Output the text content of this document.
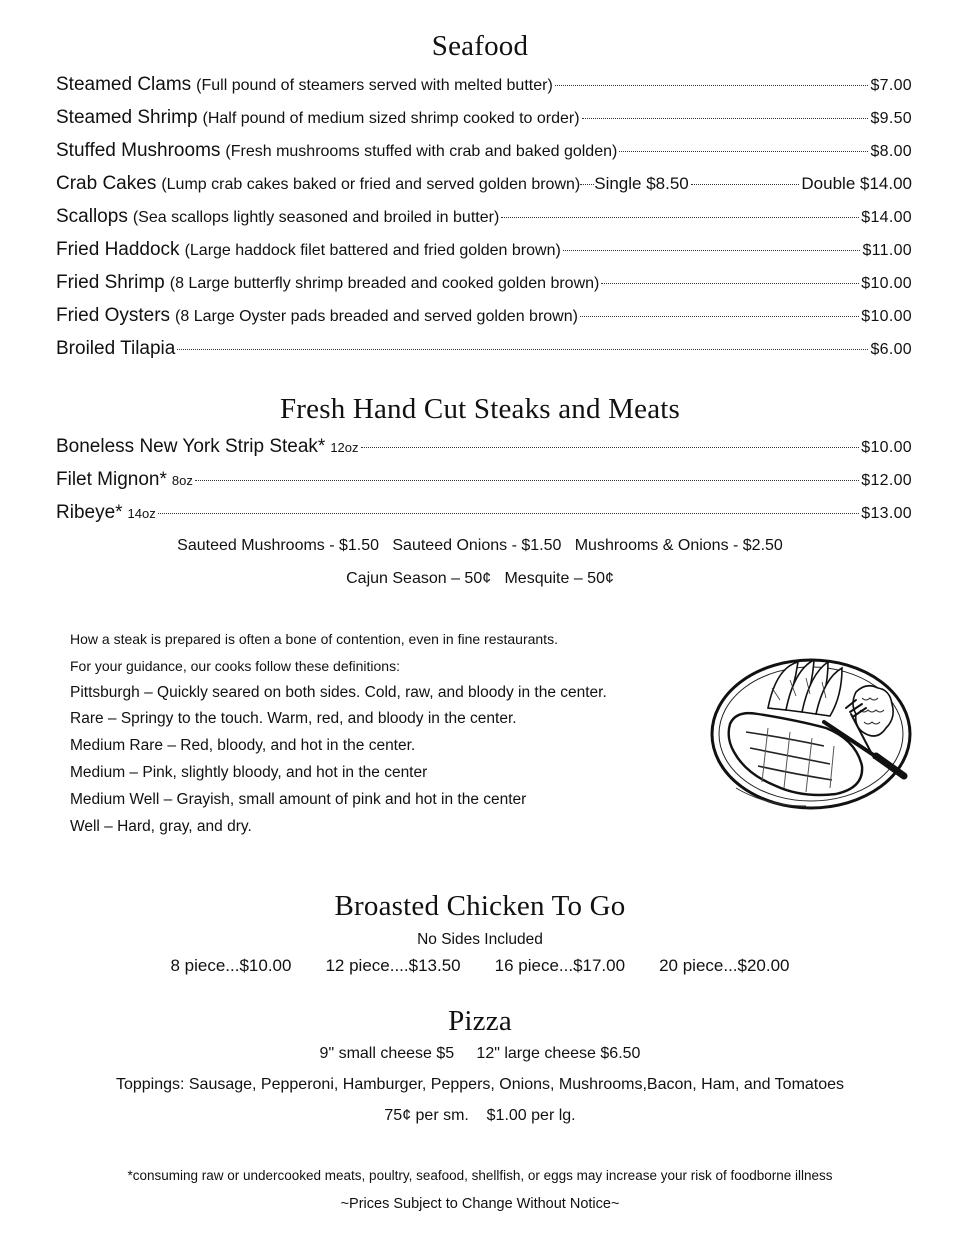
Seafood
Steamed Clams (Full pound of steamers served with melted butter)	$7.00
Steamed Shrimp (Half pound of medium sized shrimp cooked to order)	$9.50
Stuffed Mushrooms (Fresh mushrooms stuffed with crab and baked golden)	$8.00
Crab Cakes (Lump crab cakes baked or fried and served golden brown) Single $8.50	Double $14.00
Scallops (Sea scallops lightly seasoned and broiled in butter)	$14.00
Fried Haddock (Large haddock filet battered and fried golden brown)	$11.00
Fried Shrimp (8 Large butterfly shrimp breaded and cooked golden brown)	$10.00
Fried Oysters (8 Large Oyster pads breaded and served golden brown)	$10.00
Broiled Tilapia	$6.00
Fresh Hand Cut Steaks and Meats
Boneless New York Strip Steak* 12oz	$10.00
Filet Mignon* 8oz	$12.00
Ribeye* 14oz	$13.00
Sauteed Mushrooms - $1.50   Sauteed Onions - $1.50   Mushrooms & Onions - $2.50
Cajun Season – 50¢   Mesquite – 50¢
How a steak is prepared is often a bone of contention, even in fine restaurants.
For your guidance, our cooks follow these definitions:
Pittsburgh – Quickly seared on both sides. Cold, raw, and bloody in the center.
Rare – Springy to the touch. Warm, red, and bloody in the center.
Medium Rare – Red, bloody, and hot in the center.
Medium – Pink, slightly bloody, and hot in the center
Medium Well – Grayish, small amount of pink and hot in the center
Well – Hard, gray, and dry.
Broasted Chicken To Go
No Sides Included
8 piece...$10.00 12 piece....$13.50 16 piece...$17.00 20 piece...$20.00
Pizza
9" small cheese $5     12" large cheese $6.50
Toppings: Sausage, Pepperoni, Hamburger, Peppers, Onions, Mushrooms,Bacon, Ham, and Tomatoes
75¢ per sm.    $1.00 per lg.
*consuming raw or undercooked meats, poultry, seafood, shellfish, or eggs may increase your risk of foodborne illness
~Prices Subject to Change Without Notice~
